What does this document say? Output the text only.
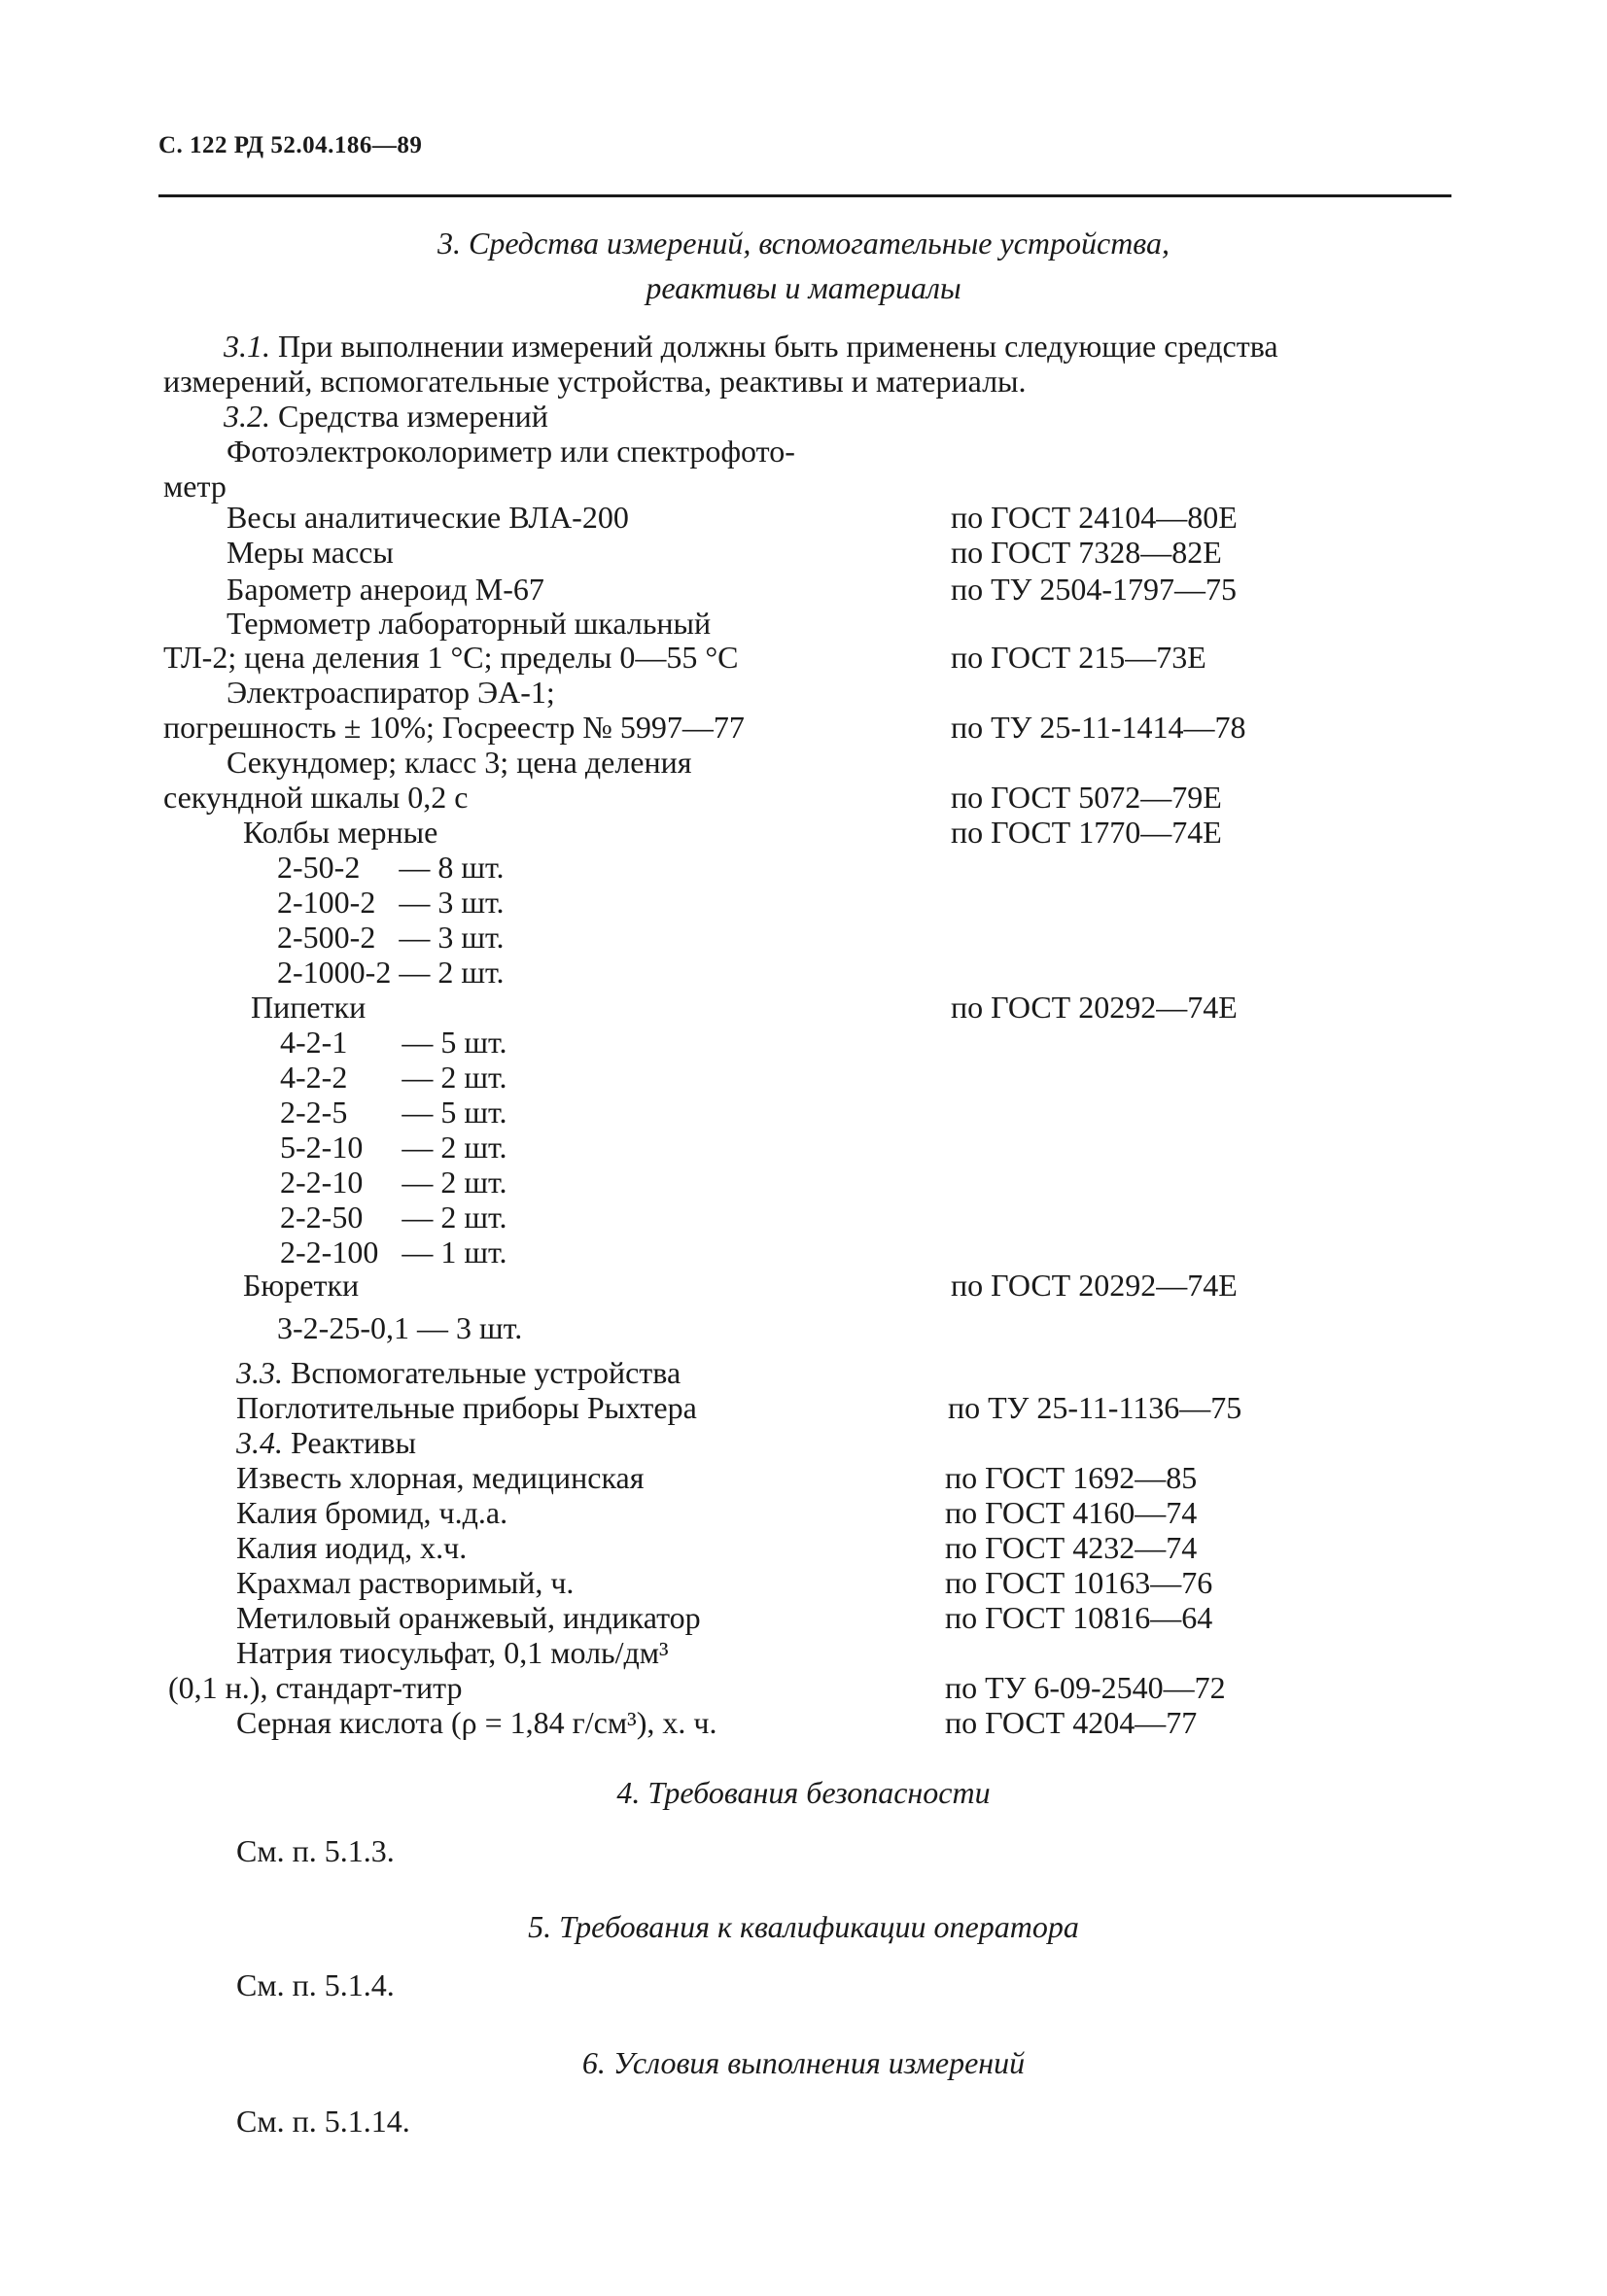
С. 122 РД 52.04.186—89
3. Средства измерений, вспомогательные устройства,
реактивы и материалы
3.1. При выполнении измерений должны быть применены следующие средства
измерений, вспомогательные устройства, реактивы и материалы.
3.2. Средства измерений
Фотоэлектроколориметр или спектрофото-
метр
Весы аналитические ВЛА-200	по ГОСТ 24104—80Е
Меры массы	по ГОСТ 7328—82Е
Барометр анероид М-67	по ТУ 2504-1797—75
Термометр лабораторный шкальный
ТЛ-2; цена деления 1 °С; пределы 0—55 °С	по ГОСТ 215—73Е
Электроаспиратор ЭА-1;
погрешность ± 10%; Госреестр № 5997—77	по ТУ 25-11-1414—78
Секундомер; класс 3; цена деления
секундной шкалы 0,2 с	по ГОСТ 5072—79Е
Колбы мерные	по ГОСТ 1770—74Е
2-50-2     — 8 шт.
2-100-2   — 3 шт.
2-500-2   — 3 шт.
2-1000-2 — 2 шт.
Пипетки	по ГОСТ 20292—74Е
4-2-1       — 5 шт.
4-2-2       — 2 шт.
2-2-5       — 5 шт.
5-2-10     — 2 шт.
2-2-10     — 2 шт.
2-2-50     — 2 шт.
2-2-100   — 1 шт.
Бюретки	по ГОСТ 20292—74Е
3-2-25-0,1 — 3 шт.
3.3. Вспомогательные устройства
Поглотительные приборы Рыхтера	по ТУ 25-11-1136—75
3.4. Реактивы
Известь хлорная, медицинская	по ГОСТ 1692—85
Калия бромид, ч.д.а.	по ГОСТ 4160—74
Калия иодид, х.ч.	по ГОСТ 4232—74
Крахмал растворимый, ч.	по ГОСТ 10163—76
Метиловый оранжевый, индикатор	по ГОСТ 10816—64
Натрия тиосульфат, 0,1 моль/дм³
(0,1 н.), стандарт-титр	по ТУ 6-09-2540—72
Серная кислота (ρ = 1,84 г/см³), х. ч.	по ГОСТ 4204—77
4. Требования безопасности
См. п. 5.1.3.
5. Требования к квалификации оператора
См. п. 5.1.4.
6. Условия выполнения измерений
См. п. 5.1.14.
